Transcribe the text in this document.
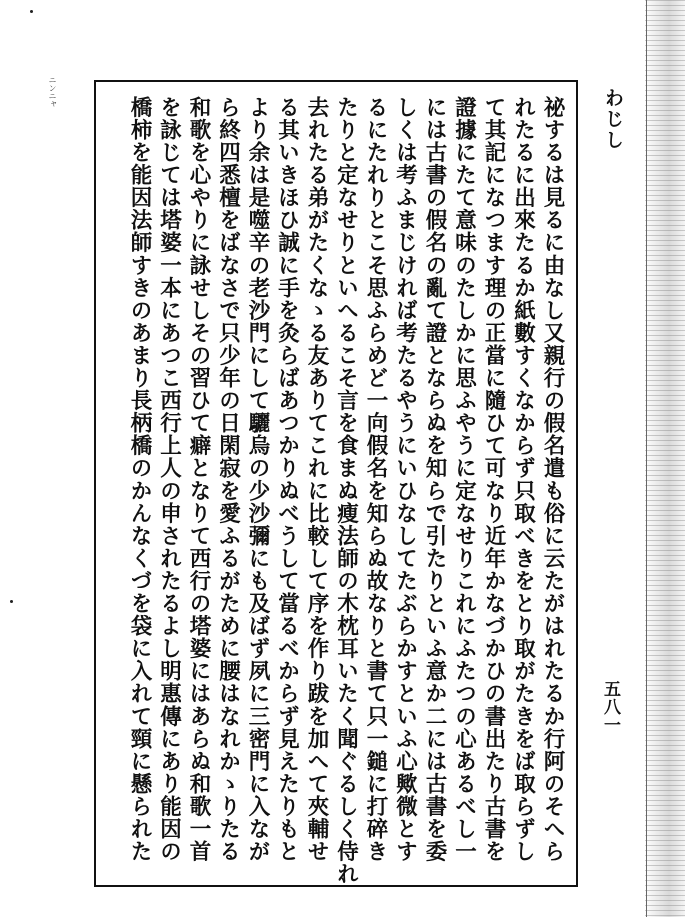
わじし
五八一
ニンニャ
祕するは見るに由なし又親行の假名遣も俗に云たがはれたるか行阿のそへら
れたるに出來たるか紙數すくなからず只取べきをとり取がたきをば取らずし
て其記になつます理の正當に隨ひて可なり近年かなづかひの書出たり古書を
證據にたて意味のたしかに思ふやうに定なせりこれにふたつの心あるべし一
には古書の假名の亂て證とならぬを知らで引たりといふ意か二には古書を委
しくは考ふまじければ考たるやうにいひなしてたぶらかすといふ心歟微とす
るにたれりとこそ思ふらめど一向假名を知らぬ故なりと書て只一鎚に打碎き
たりと定なせりといへるこそ言を食まぬ瘦法師の木枕耳いたく聞ぐるしく侍れ
去れたる弟がたくなゝる友ありてこれに比較して序を作り跋を加へて夾輔せ
る其いきほひ誠に手を灸らばあつかりぬべうして當るべからず見えたりもと
より余は是噬辛の老沙門にして驪烏の少沙彌にも及ばず夙に三密門に入なが
ら終四悉檀をばなさで只少年の日閑寂を愛ふるがために腰はなれかゝりたる
和歌を心やりに詠せしその習ひて癖となりて西行の塔婆にはあらぬ和歌一首
を詠じては塔婆一本にあつこ西行上人の申されたるよし明惠傳にあり能因の
橋柿を能因法師すきのあまり長柄橋のかんなくづを袋に入れて頸に懸られた
